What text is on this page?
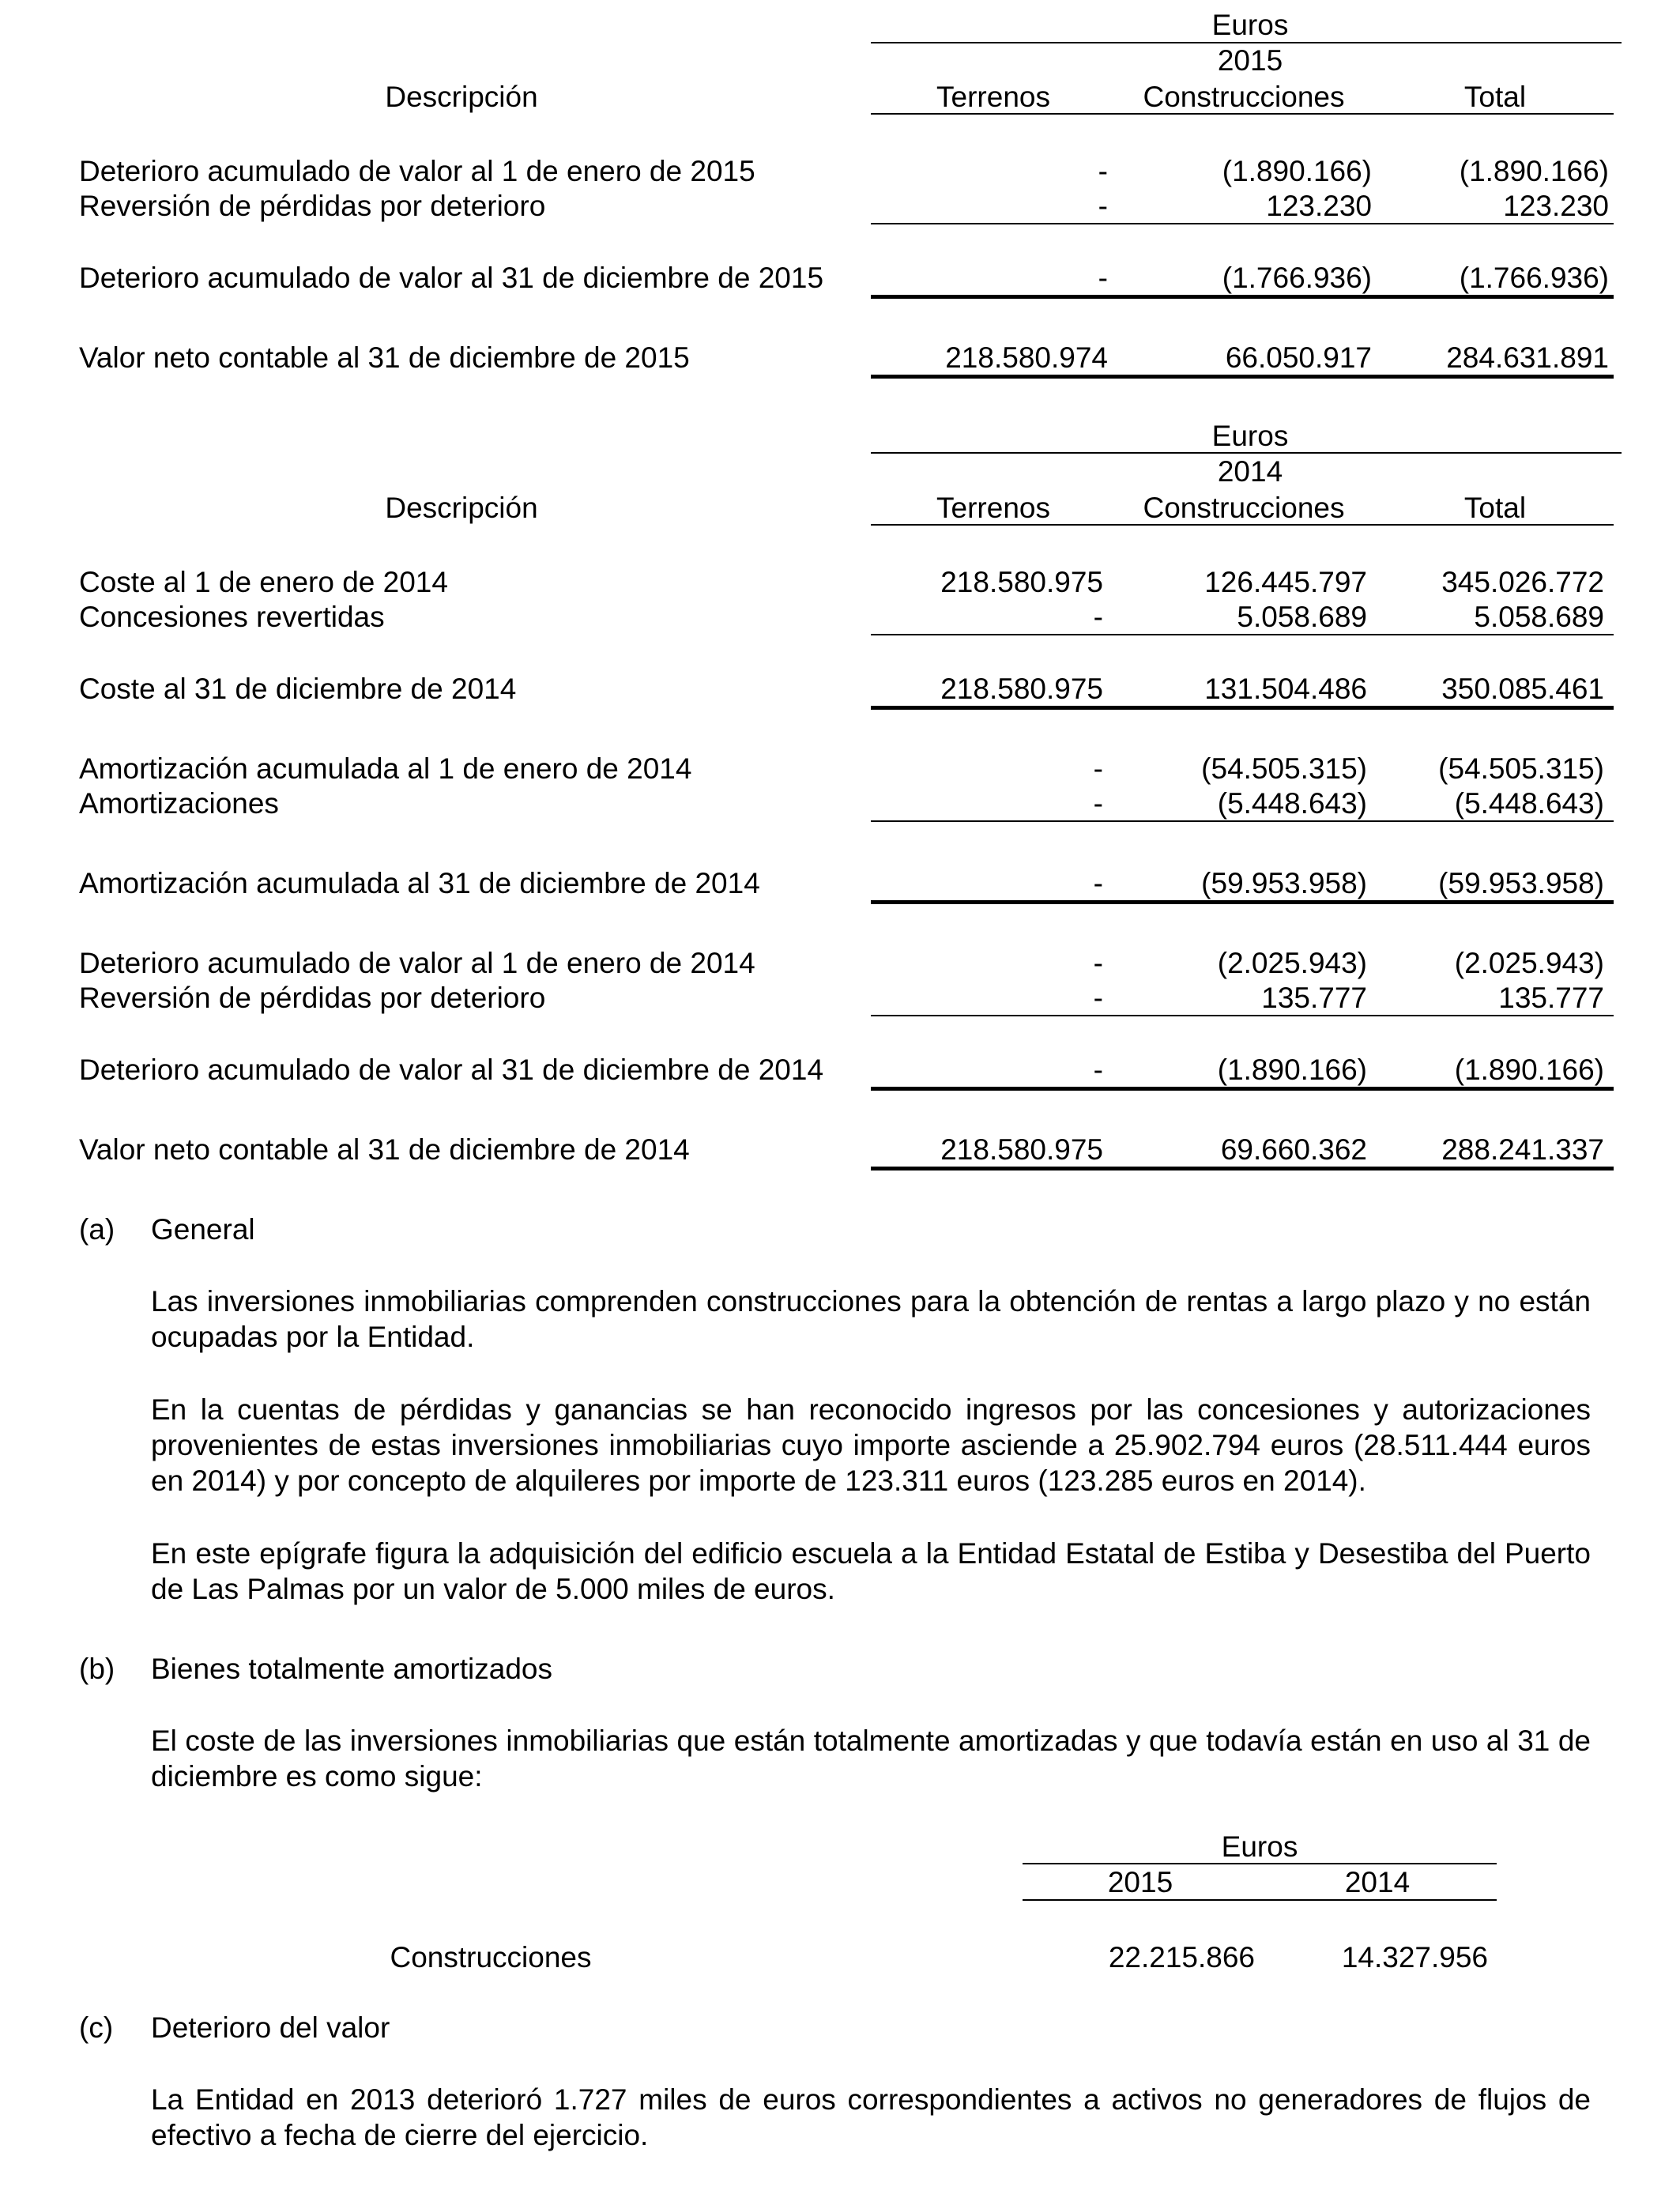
Euros
2015
Descripción	Terrenos	Construcciones	Total
Deterioro acumulado de valor al 1 de enero de 2015	-	(1.890.166)	(1.890.166)
Reversión de pérdidas por deterioro	-	123.230	123.230
Deterioro acumulado de valor al 31 de diciembre de 2015	-	(1.766.936)	(1.766.936)
Valor neto contable al 31 de diciembre de 2015	218.580.974	66.050.917	284.631.891
Euros
2014
Descripción	Terrenos	Construcciones	Total
Coste al 1 de enero de 2014	218.580.975	126.445.797	345.026.772
Concesiones revertidas	-	5.058.689	5.058.689
Coste al 31 de diciembre de 2014	218.580.975	131.504.486	350.085.461
Amortización acumulada al 1 de enero de 2014	-	(54.505.315) (54.505.315)
Amortizaciones	-	(5.448.643)	(5.448.643)
Amortización acumulada al 31 de diciembre de 2014	-	(59.953.958) (59.953.958)
Deterioro acumulado de valor al 1 de enero de 2014	-	(2.025.943)	(2.025.943)
Reversión de pérdidas por deterioro	-	135.777	135.777
Deterioro acumulado de valor al 31 de diciembre de 2014	-	(1.890.166)	(1.890.166)
Valor neto contable al 31 de diciembre de 2014	218.580.975	69.660.362	288.241.337
(a) General
Las inversiones inmobiliarias comprenden construcciones para la obtención de rentas a largo plazo y no están ocupadas por la Entidad.
En la cuentas de pérdidas y ganancias se han reconocido ingresos por las concesiones y autorizaciones provenientes de estas inversiones inmobiliarias cuyo importe asciende a 25.902.794 euros (28.511.444 euros en 2014) y por concepto de alquileres por importe de 123.311 euros (123.285 euros en 2014).
En este epígrafe figura la adquisición del edificio escuela a la Entidad Estatal de Estiba y Desestiba del Puerto de Las Palmas por un valor de 5.000 miles de euros.
(b) Bienes totalmente amortizados
El coste de las inversiones inmobiliarias que están totalmente amortizadas y que todavía están en uso al 31 de diciembre es como sigue:
Euros
2015	2014
Construcciones	22.215.866	14.327.956
(c) Deterioro del valor
La Entidad en 2013 deterioró 1.727 miles de euros correspondientes a activos no generadores de flujos de efectivo a fecha de cierre del ejercicio.
